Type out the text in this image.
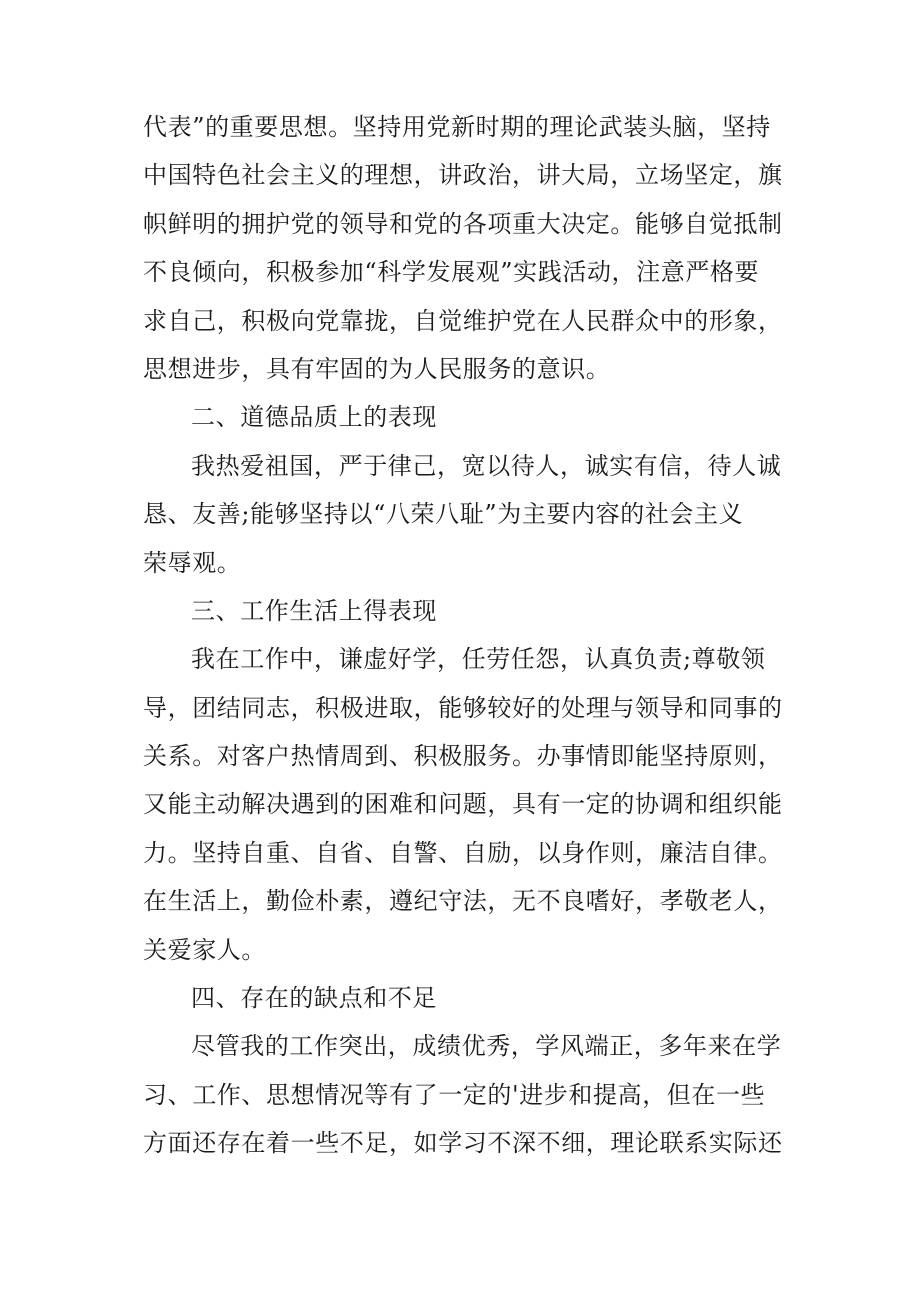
代表”的重要思想。坚持用党新时期的理论武装头脑，坚持
中国特色社会主义的理想，讲政治，讲大局，立场坚定，旗
帜鲜明的拥护党的领导和党的各项重大决定。能够自觉抵制
不良倾向，积极参加“科学发展观”实践活动，注意严格要
求自己，积极向党靠拢，自觉维护党在人民群众中的形象，
思想进步，具有牢固的为人民服务的意识。
二、道德品质上的表现
我热爱祖国，严于律己，宽以待人，诚实有信，待人诚
恳、友善;能够坚持以“八荣八耻”为主要内容的社会主义
荣辱观。
三、工作生活上得表现
我在工作中，谦虚好学，任劳任怨，认真负责;尊敬领
导，团结同志，积极进取，能够较好的处理与领导和同事的
关系。对客户热情周到、积极服务。办事情即能坚持原则，
又能主动解决遇到的困难和问题，具有一定的协调和组织能
力。坚持自重、自省、自警、自励，以身作则，廉洁自律。
在生活上，勤俭朴素，遵纪守法，无不良嗜好，孝敬老人，
关爱家人。
四、存在的缺点和不足
尽管我的工作突出，成绩优秀，学风端正，多年来在学
习、工作、思想情况等有了一定的'进步和提高，但在一些
方面还存在着一些不足，如学习不深不细，理论联系实际还
